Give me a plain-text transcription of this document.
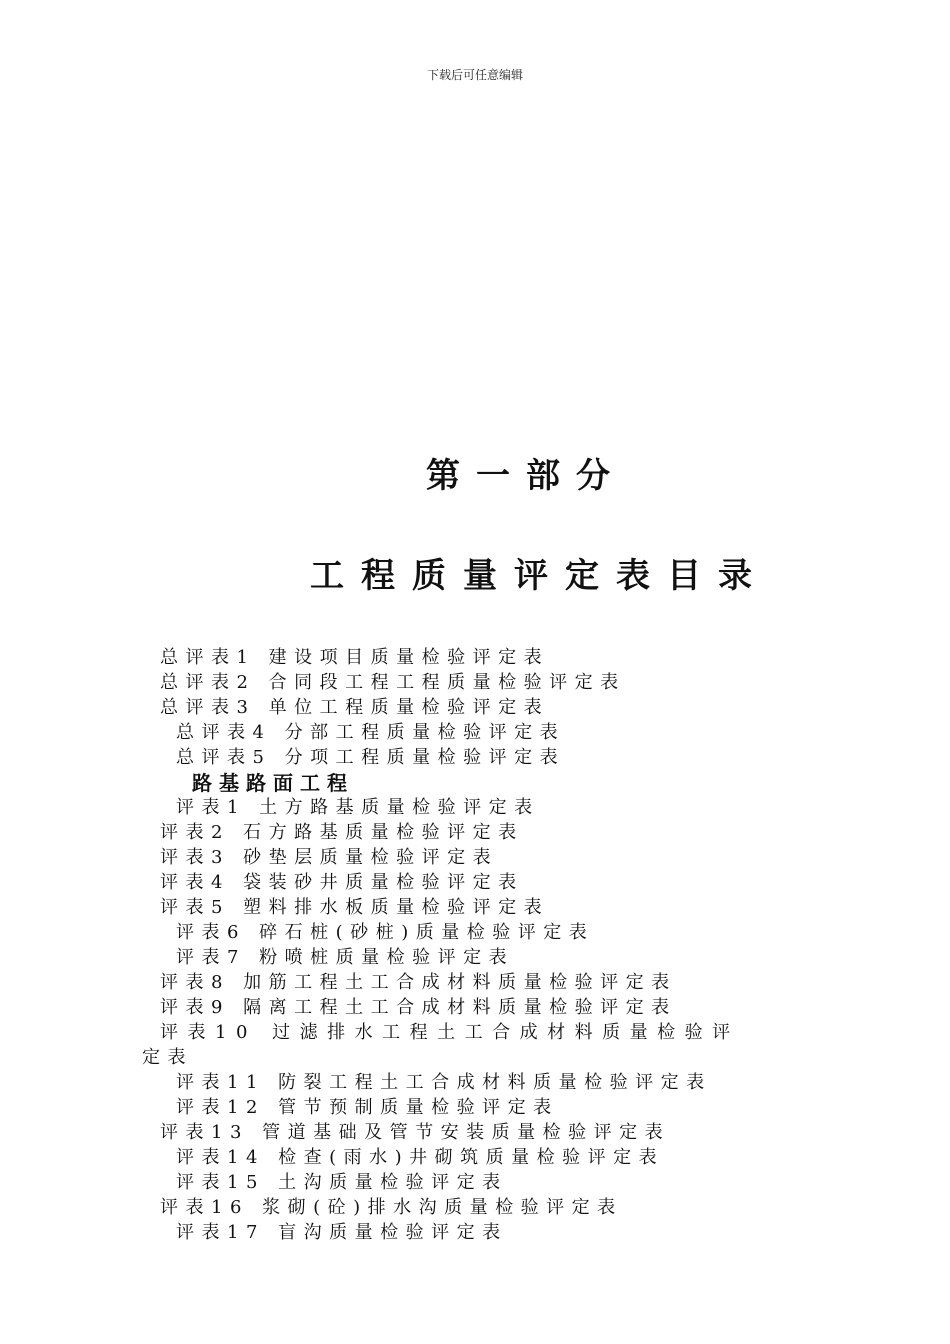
下载后可任意编辑
第一部分
工程质量评定表目录
总评表1 建设项目质量检验评定表
总评表2 合同段工程工程质量检验评定表
总评表3 单位工程质量检验评定表
总评表4 分部工程质量检验评定表
总评表5 分项工程质量检验评定表
路基路面工程
评表1 土方路基质量检验评定表
评表2 石方路基质量检验评定表
评表3 砂垫层质量检验评定表
评表4 袋装砂井质量检验评定表
评表5 塑料排水板质量检验评定表
评表6 碎石桩(砂桩)质量检验评定表
评表7 粉喷桩质量检验评定表
评表8 加筋工程土工合成材料质量检验评定表
评表9 隔离工程土工合成材料质量检验评定表
评表10 过滤排水工程土工合成材料质量检验评
定表
评表11 防裂工程土工合成材料质量检验评定表
评表12 管节预制质量检验评定表
评表13 管道基础及管节安装质量检验评定表
评表14 检查(雨水)井砌筑质量检验评定表
评表15 土沟质量检验评定表
评表16 浆砌(砼)排水沟质量检验评定表
评表17 盲沟质量检验评定表
